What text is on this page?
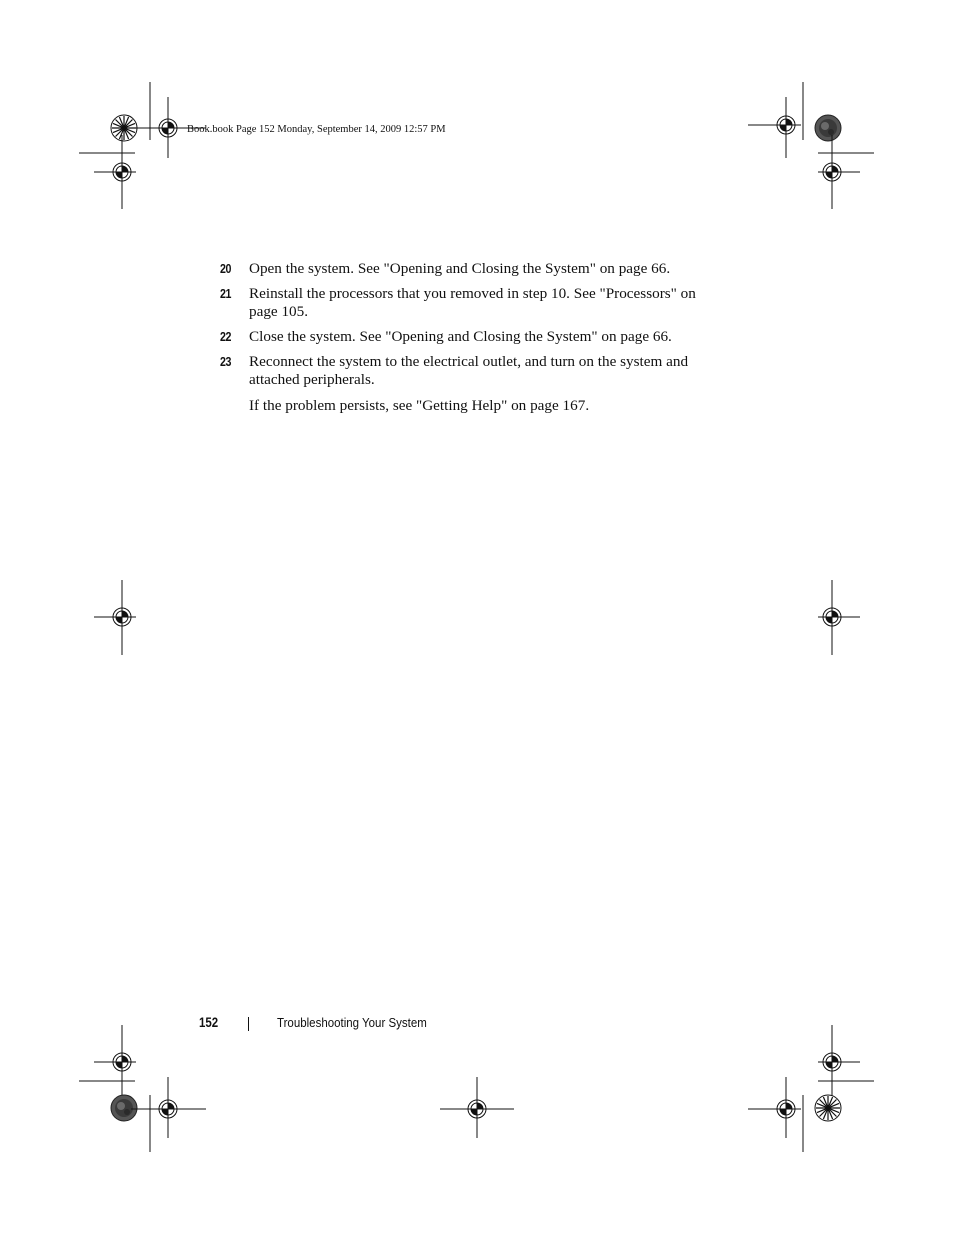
Book.book Page 152 Monday, September 14, 2009 12:57 PM
20 Open the system. See "Opening and Closing the System" on page 66.
21 Reinstall the processors that you removed in step 10. See "Processors" on page 105.
22 Close the system. See "Opening and Closing the System" on page 66.
23 Reconnect the system to the electrical outlet, and turn on the system and attached peripherals.
If the problem persists, see "Getting Help" on page 167.
152	Troubleshooting Your System
